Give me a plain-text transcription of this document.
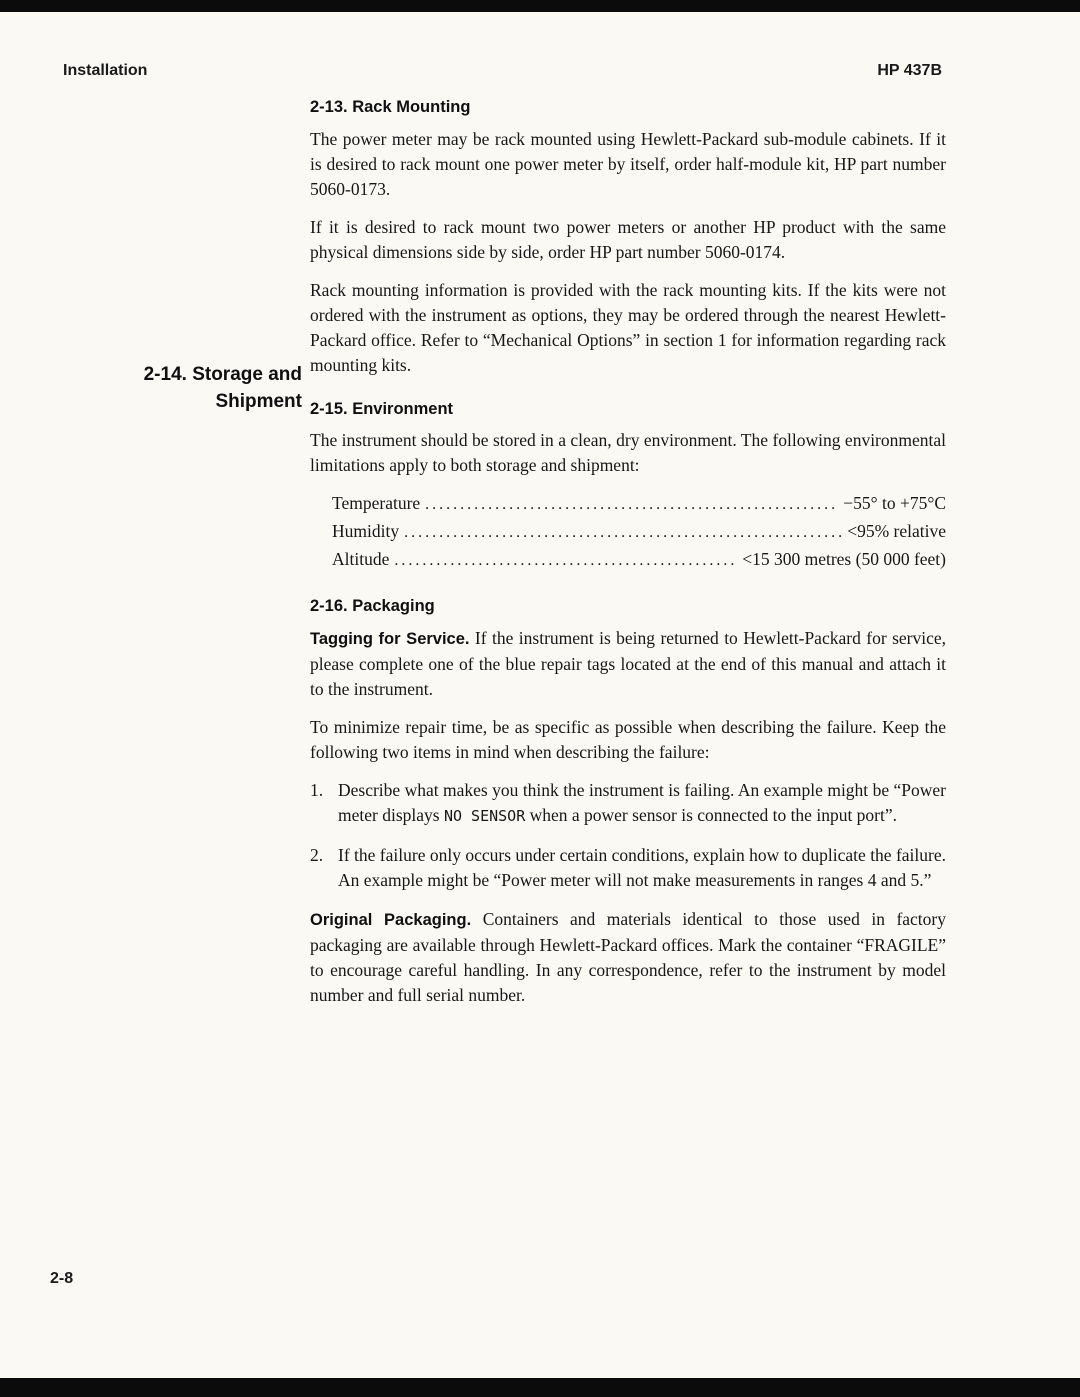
Installation	HP 437B
2-13. Rack Mounting

The power meter may be rack mounted using Hewlett-Packard sub-module cabinets. If it is desired to rack mount one power meter by itself, order half-module kit, HP part number 5060-0173.

If it is desired to rack mount two power meters or another HP product with the same physical dimensions side by side, order HP part number 5060-0174.

Rack mounting information is provided with the rack mounting kits. If the kits were not ordered with the instrument as options, they may be ordered through the nearest Hewlett-Packard office. Refer to “Mechanical Options” in section 1 for information regarding rack mounting kits.

2-14. Storage and
Shipment 2-15. Environment

The instrument should be stored in a clean, dry environment. The following environmental limitations apply to both storage and shipment:

Temperature .....	−55° to +75°C
Humidity .....	<95% relative
Altitude .....	<15 300 metres (50 000 feet)
2-16. Packaging

Tagging for Service. If the instrument is being returned to Hewlett-Packard for service, please complete one of the blue repair tags located at the end of this manual and attach it to the instrument.

To minimize repair time, be as specific as possible when describing the failure. Keep the following two items in mind when describing the failure:

1. Describe what makes you think the instrument is failing. An example might be “Power meter displays NO SENSOR when a power sensor is connected to the input port”.
2. If the failure only occurs under certain conditions, explain how to duplicate the failure. An example might be “Power meter will not make measurements in ranges 4 and 5.”

Original Packaging. Containers and materials identical to those used in factory packaging are available through Hewlett-Packard offices. Mark the container “FRAGILE” to encourage careful handling. In any correspondence, refer to the instrument by model number and full serial number.

2-8
